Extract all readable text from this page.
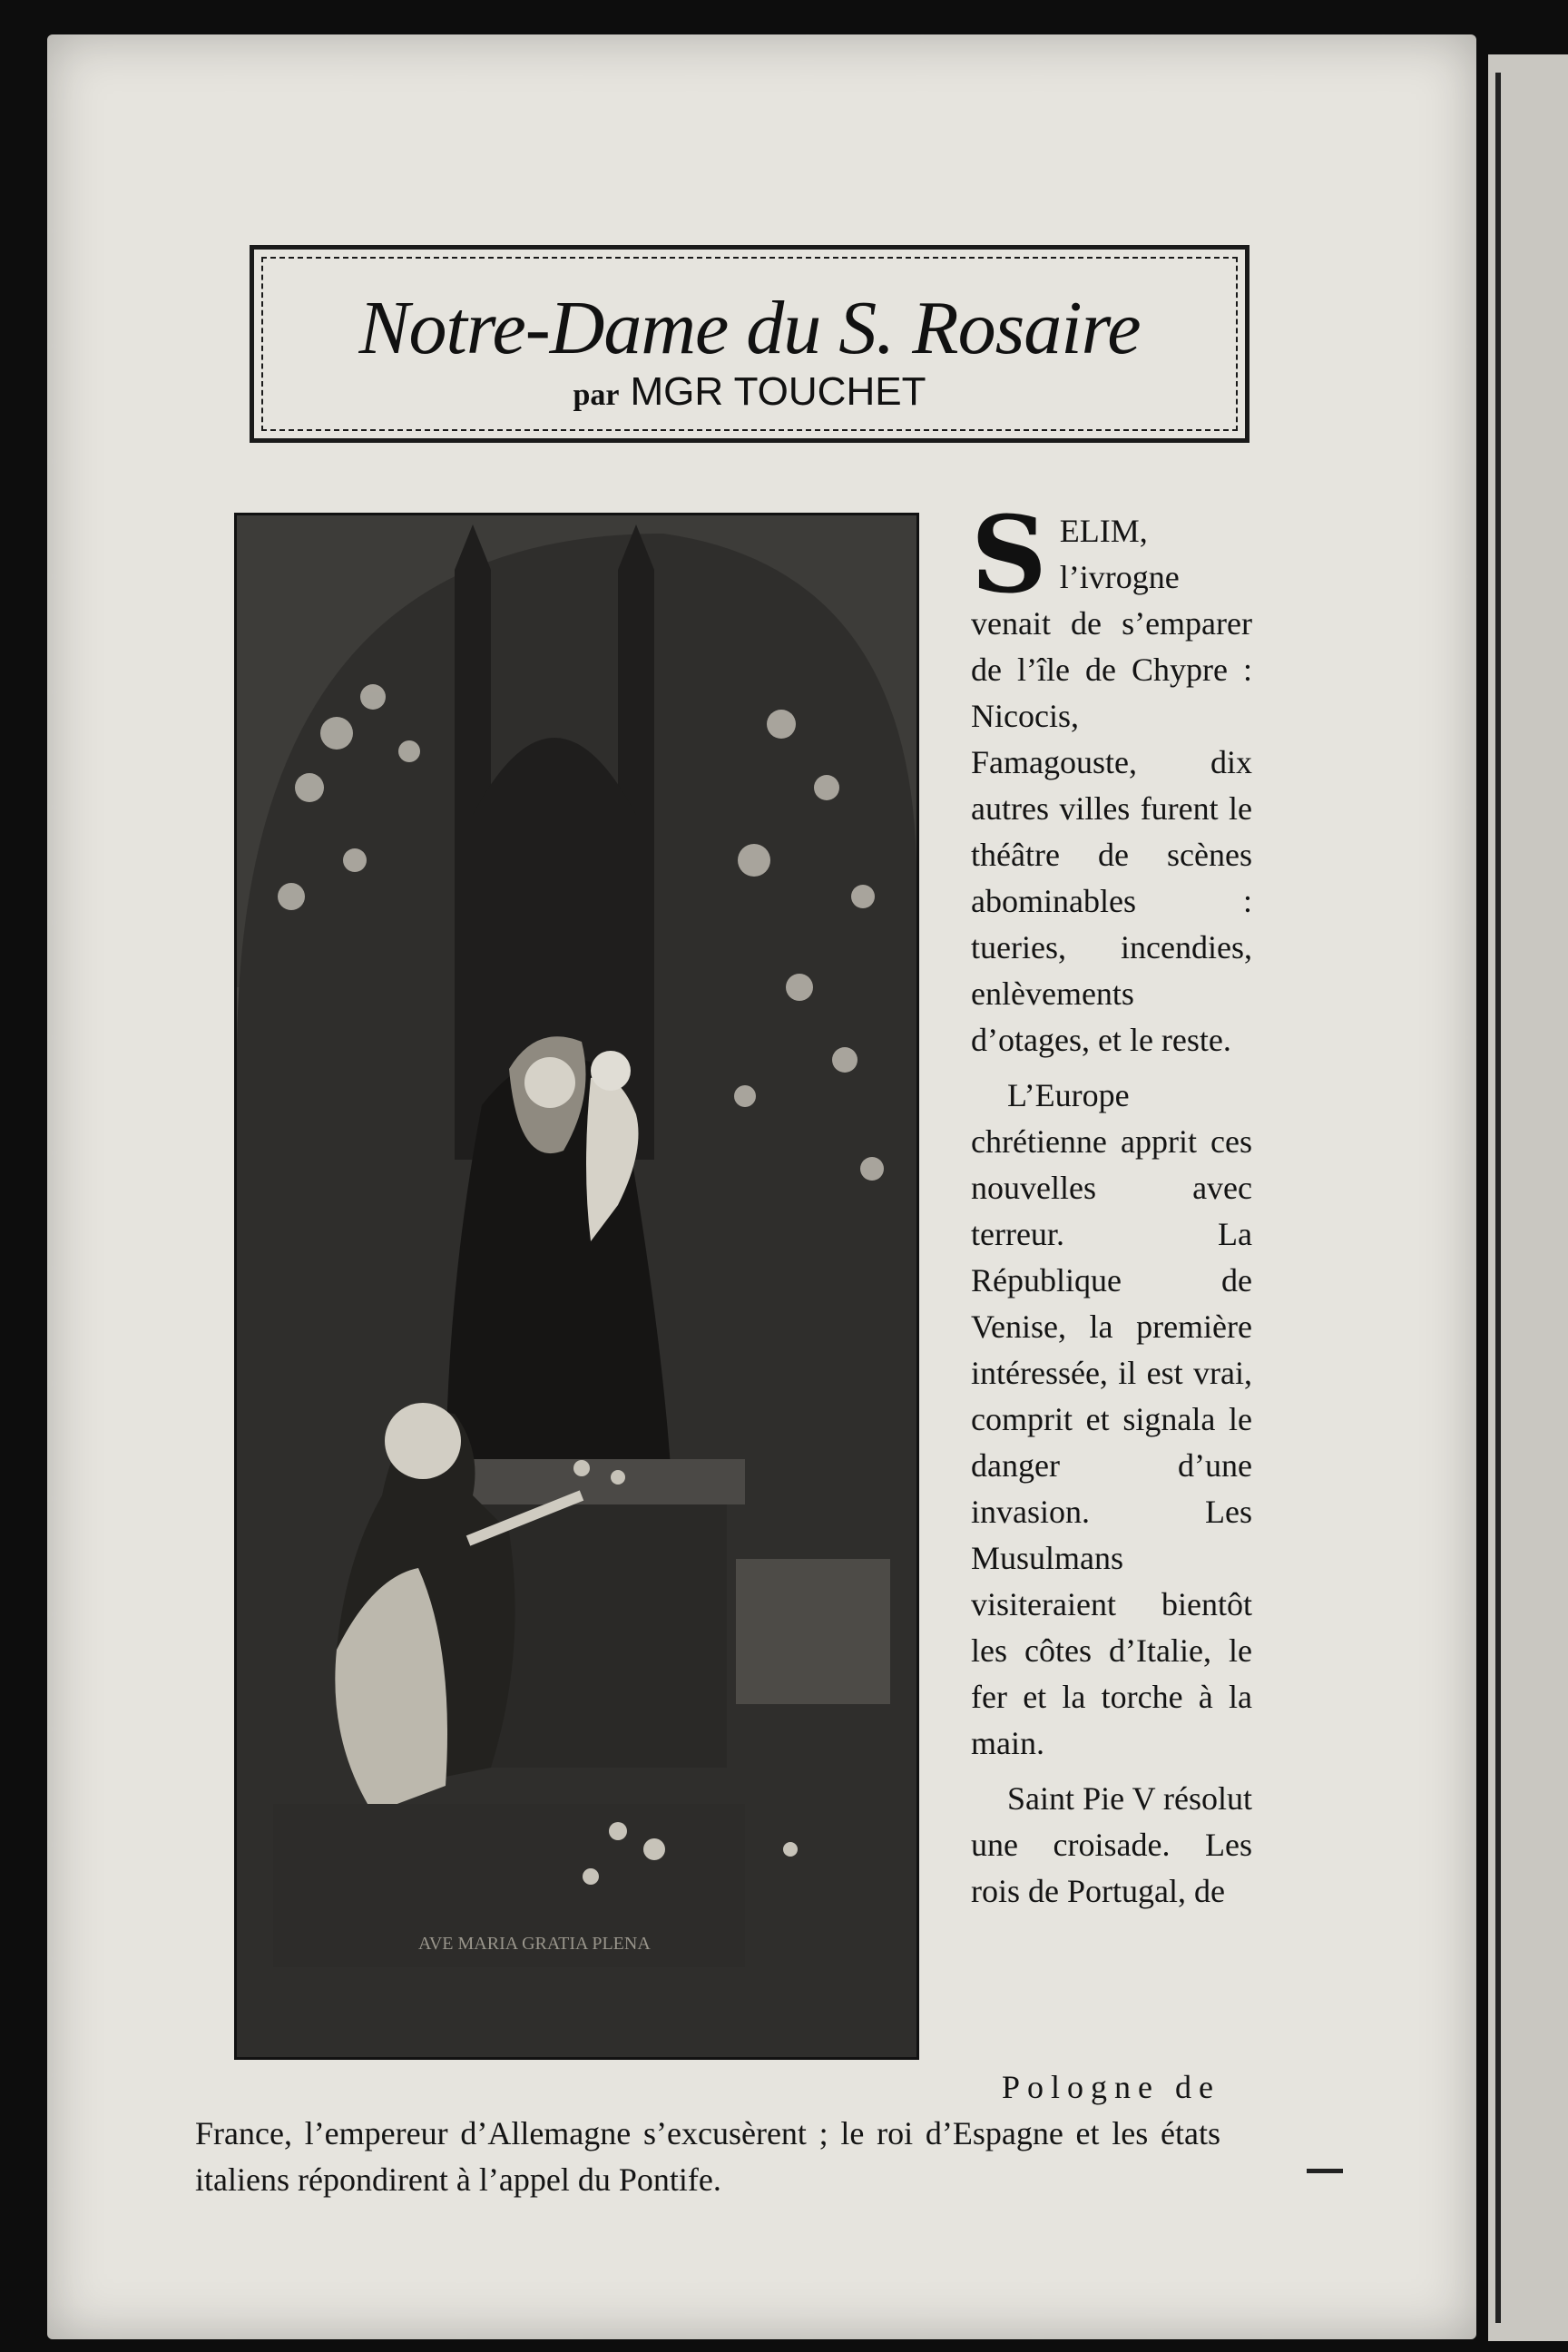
Notre-Dame du S. Rosaire
par MGR TOUCHET
AVE MARIA GRATIA PLENA

SELIM, l’ivrogne venait de s’emparer de l’île de Chypre : Nicocis, Famagouste, dix autres villes furent le théâtre de scènes abominables : tueries, incendies, enlèvements d’otages, et le reste.

L’Europe chrétienne apprit ces nouvelles avec terreur. La République de Venise, la première intéressée, il est vrai, comprit et signala le danger d’une invasion. Les Musulmans visiteraient bientôt les côtes d’Italie, le fer et la torche à la main.

Saint Pie V résolut une croisade. Les rois de Portugal, de

Pologne de
France, l’empereur d’Allemagne s’excusèrent ; le roi d’Espagne et les états italiens répondirent à l’appel du Pontife.
